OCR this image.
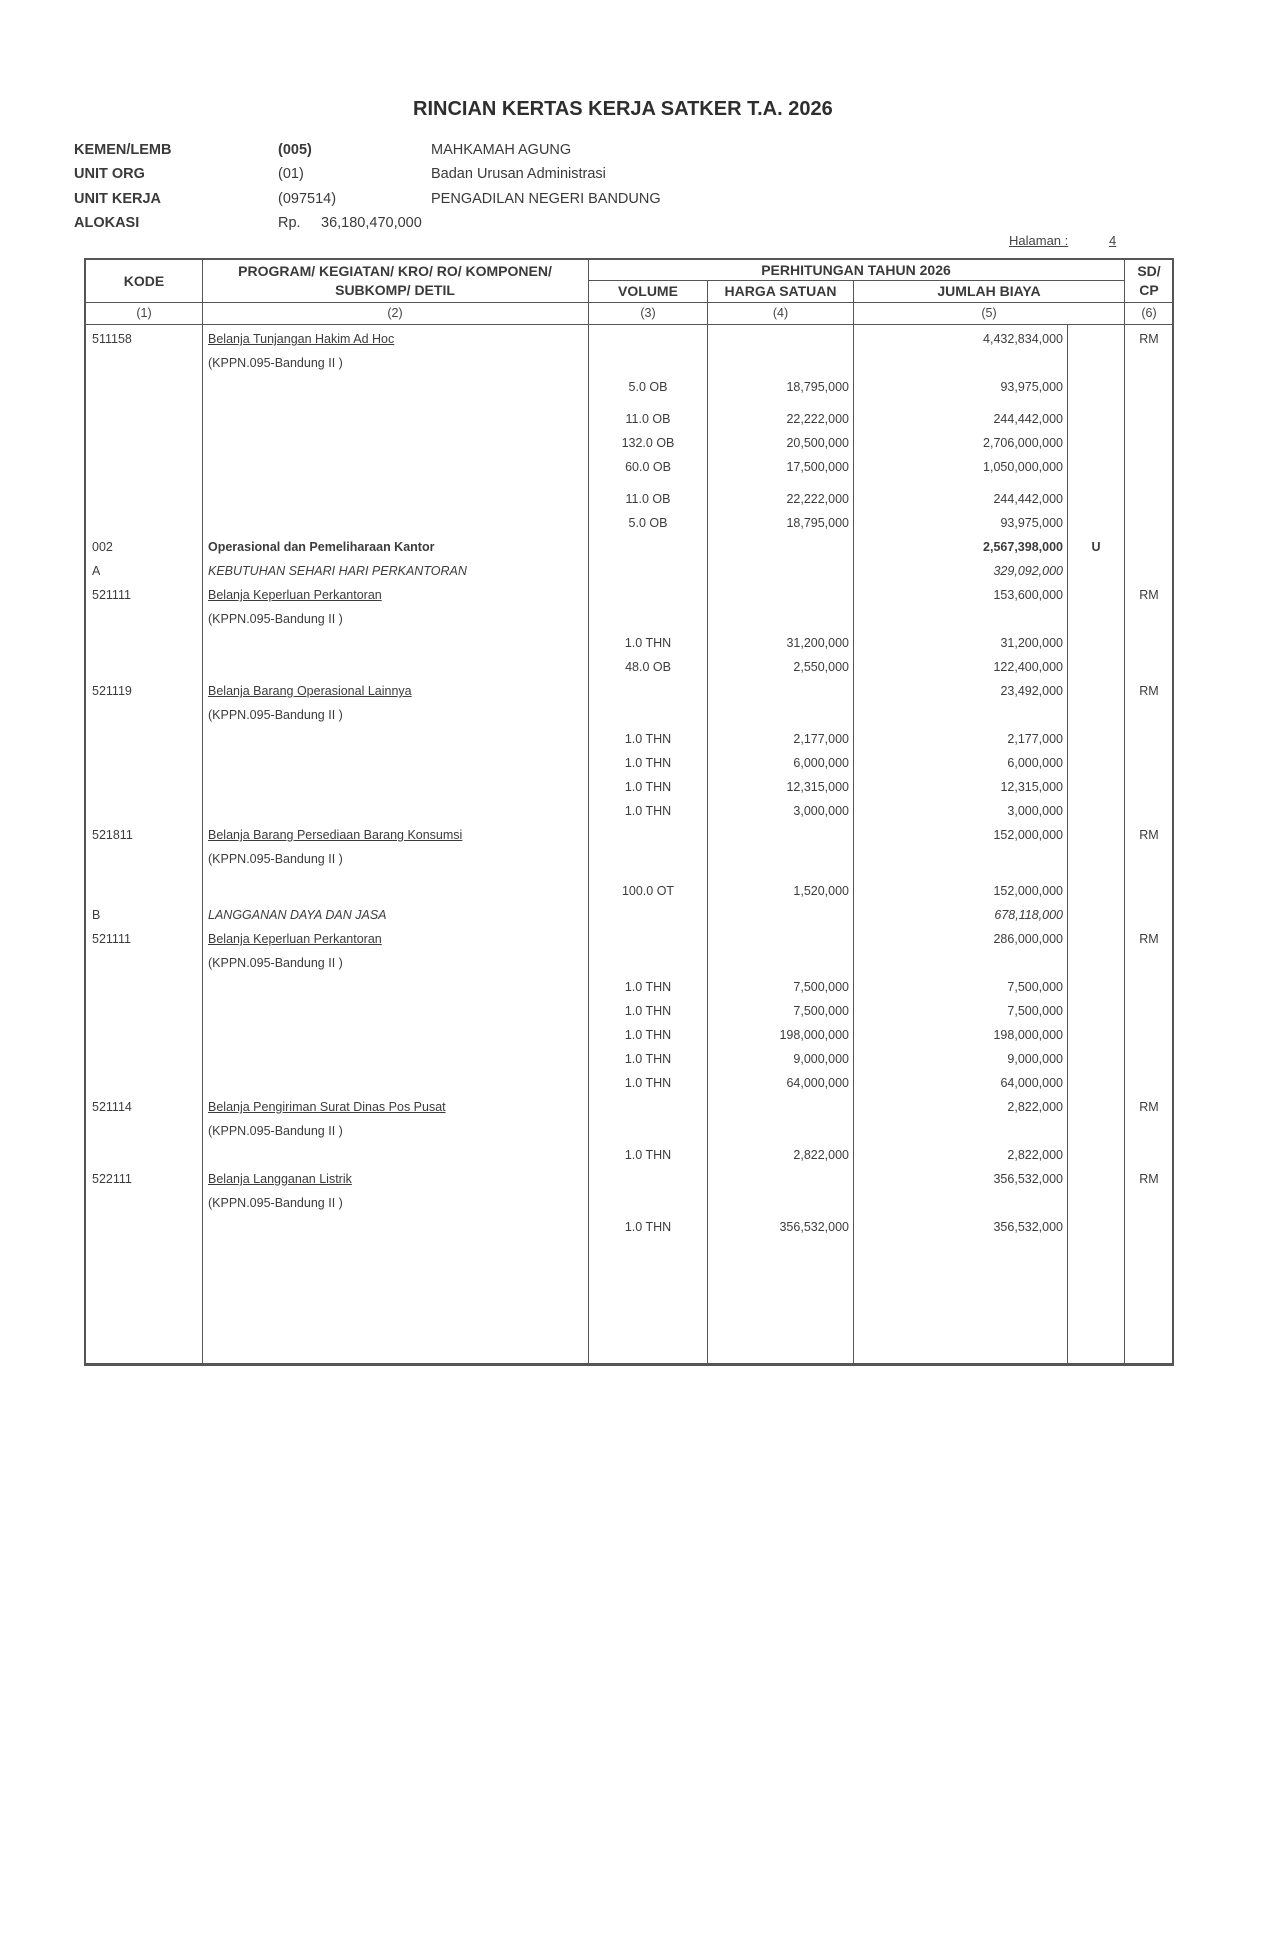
RINCIAN KERTAS KERJA SATKER T.A. 2026
KEMEN/LEMB	(005)	MAHKAMAH AGUNG
UNIT ORG	(01)	Badan Urusan Administrasi
UNIT KERJA	(097514)	PENGADILAN NEGERI BANDUNG
ALOKASI	Rp.	36,180,470,000
Halaman :	4
KODE
PROGRAM/ KEGIATAN/ KRO/ RO/ KOMPONEN/
SUBKOMP/ DETIL
PERHITUNGAN TAHUN 2026
VOLUME	HARGA SATUAN	JUMLAH BIAYA
SD/
CP
(1)	(2)	(3)	(4)	(5)	(6)
511158	Belanja Tunjangan Hakim Ad Hoc	4,432,834,000	RM
(KPPN.095-Bandung II )
5.0 OB	18,795,000	93,975,000
11.0 OB	22,222,000	244,442,000
132.0 OB	20,500,000	2,706,000,000
60.0 OB	17,500,000	1,050,000,000
11.0 OB	22,222,000	244,442,000
5.0 OB	18,795,000	93,975,000
002	Operasional dan Pemeliharaan Kantor	2,567,398,000	U
A	KEBUTUHAN SEHARI HARI PERKANTORAN	329,092,000
521111	Belanja Keperluan Perkantoran	153,600,000	RM
(KPPN.095-Bandung II )
1.0 THN	31,200,000	31,200,000
48.0 OB	2,550,000	122,400,000
521119	Belanja Barang Operasional Lainnya	23,492,000	RM
(KPPN.095-Bandung II )
1.0 THN	2,177,000	2,177,000
1.0 THN	6,000,000	6,000,000
1.0 THN	12,315,000	12,315,000
1.0 THN	3,000,000	3,000,000
521811	Belanja Barang Persediaan Barang Konsumsi	152,000,000	RM
(KPPN.095-Bandung II )
100.0 OT	1,520,000	152,000,000
B	LANGGANAN DAYA DAN JASA	678,118,000
521111	Belanja Keperluan Perkantoran	286,000,000	RM
(KPPN.095-Bandung II )
1.0 THN	7,500,000	7,500,000
1.0 THN	7,500,000	7,500,000
1.0 THN	198,000,000	198,000,000
1.0 THN	9,000,000	9,000,000
1.0 THN	64,000,000	64,000,000
521114	Belanja Pengiriman Surat Dinas Pos Pusat	2,822,000	RM
(KPPN.095-Bandung II )
1.0 THN	2,822,000	2,822,000
522111	Belanja Langganan Listrik	356,532,000	RM
(KPPN.095-Bandung II )
1.0 THN	356,532,000	356,532,000
